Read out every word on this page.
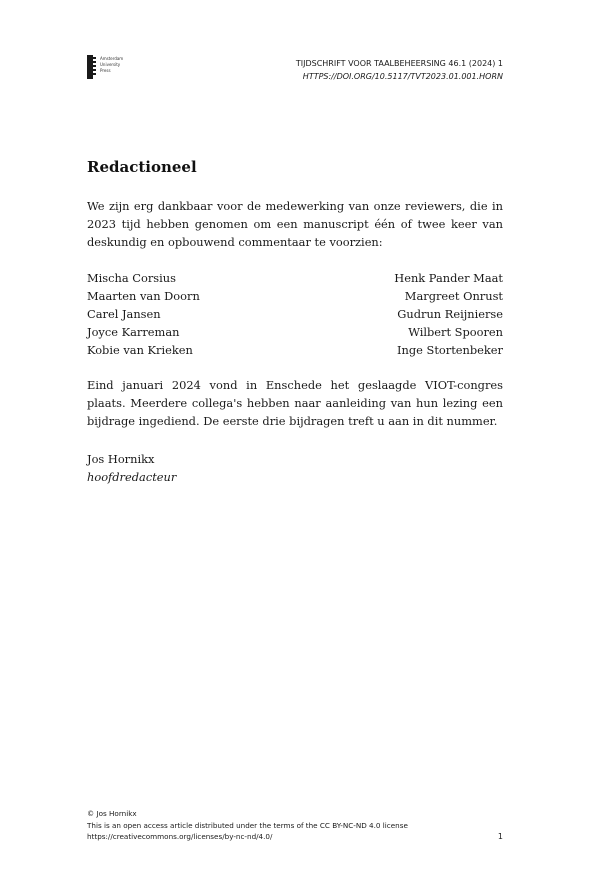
Amsterdam
University
Press
TIJDSCHRIFT VOOR TAALBEHEERSING 46.1 (2024) 1
HTTPS://DOI.ORG/10.5117/TVT2023.01.001.HORN
Redactioneel

We zijn erg dankbaar voor de medewerking van onze reviewers, die in 2023 tijd hebben genomen om een manuscript één of twee keer van deskundig en opbouwend commentaar te voorzien:

Mischa Corsius	Henk Pander Maat
Maarten van Doorn	Margreet Onrust
Carel Jansen	Gudrun Reijnierse
Joyce Karreman	Wilbert Spooren
Kobie van Krieken	Inge Stortenbeker

Eind januari 2024 vond in Enschede het geslaagde VIOT-congres plaats. Meerdere collega's hebben naar aanleiding van hun lezing een bijdrage ingediend. De eerste drie bijdragen treft u aan in dit nummer.

Jos Hornikx
hoofdredacteur
© Jos Hornikx
This is an open access article distributed under the terms of the CC BY-NC-ND 4.0 license
https://creativecommons.org/licenses/by-nc-nd/4.0/	1
